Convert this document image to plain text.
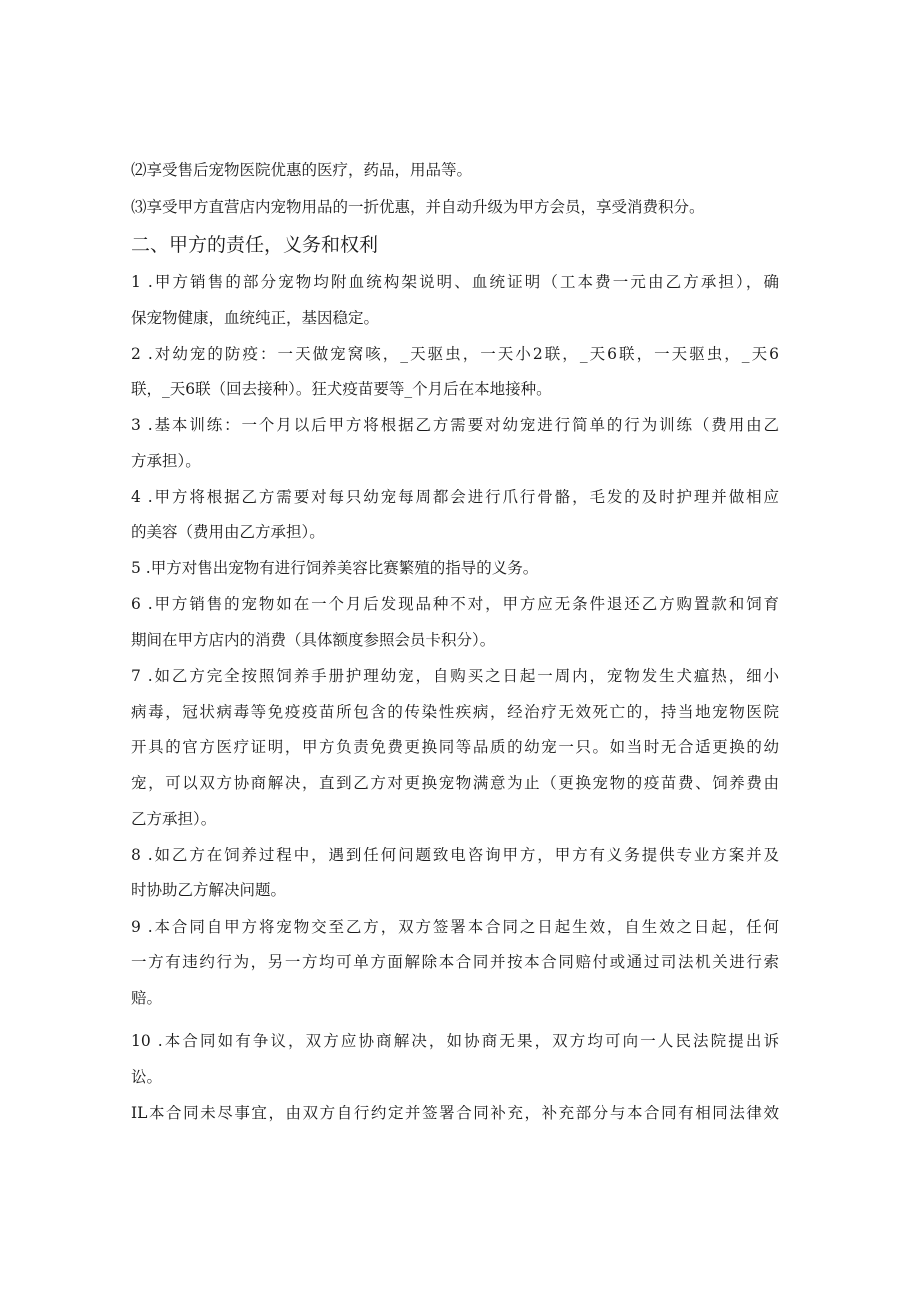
⑵享受售后宠物医院优惠的医疗，药品，用品等。
⑶享受甲方直营店内宠物用品的一折优惠，并自动升级为甲方会员，享受消费积分。
二、甲方的责任，义务和权利
1 .甲方销售的部分宠物均附血统构架说明、血统证明（工本费一元由乙方承担），确
保宠物健康，血统纯正，基因稳定。
2 .对幼宠的防疫：一天做宠窝咳，_天驱虫，一天小2联，_天6联，一天驱虫，_天6
联，_天6联（回去接种）。狂犬疫苗要等_个月后在本地接种。
3 .基本训练：一个月以后甲方将根据乙方需要对幼宠进行简单的行为训练（费用由乙
方承担）。
4 .甲方将根据乙方需要对每只幼宠每周都会进行爪行骨骼，毛发的及时护理并做相应
的美容（费用由乙方承担）。
5 .甲方对售出宠物有进行饲养美容比赛繁殖的指导的义务。
6 .甲方销售的宠物如在一个月后发现品种不对，甲方应无条件退还乙方购置款和饲育
期间在甲方店内的消费（具体额度参照会员卡积分）。
7 .如乙方完全按照饲养手册护理幼宠，自购买之日起一周内，宠物发生犬瘟热，细小
病毒，冠状病毒等免疫疫苗所包含的传染性疾病，经治疗无效死亡的，持当地宠物医院
开具的官方医疗证明，甲方负责免费更换同等品质的幼宠一只。如当时无合适更换的幼
宠，可以双方协商解决，直到乙方对更换宠物满意为止（更换宠物的疫苗费、饲养费由
乙方承担）。
8 .如乙方在饲养过程中，遇到任何问题致电咨询甲方，甲方有义务提供专业方案并及
时协助乙方解决问题。
9 .本合同自甲方将宠物交至乙方，双方签署本合同之日起生效，自生效之日起，任何
一方有违约行为，另一方均可单方面解除本合同并按本合同赔付或通过司法机关进行索
赔。
10 .本合同如有争议，双方应协商解决，如协商无果，双方均可向一人民法院提出诉
讼。
IL本合同未尽事宜，由双方自行约定并签署合同补充，补充部分与本合同有相同法律效
